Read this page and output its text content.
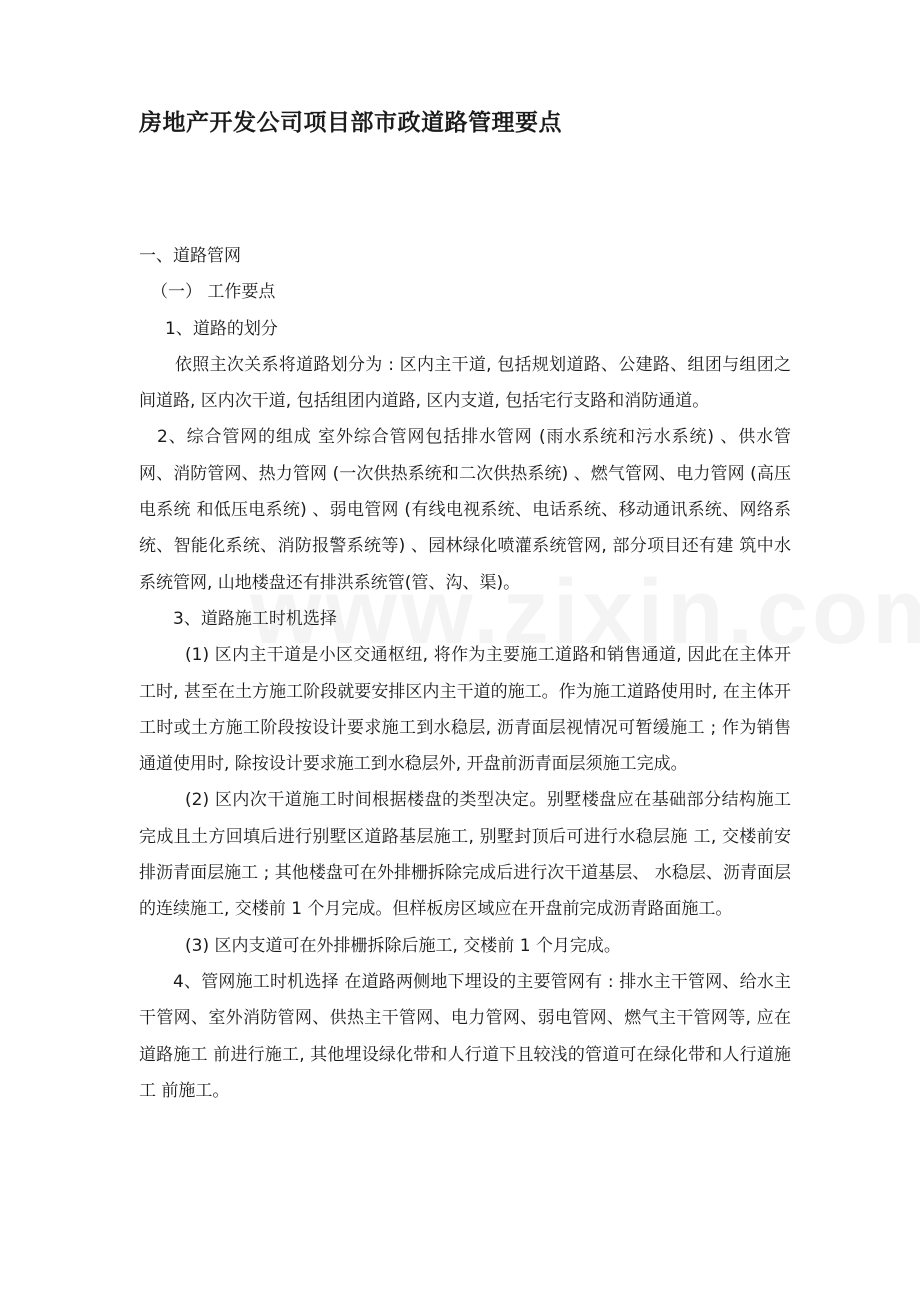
房地产开发公司项目部市政道路管理要点

一、道路管网

（一） 工作要点

1、道路的划分

依照主次关系将道路划分为 : 区内主干道, 包括规划道路、公建路、组团与组团之间道路, 区内次干道, 包括组团内道路, 区内支道, 包括宅行支路和消防通道。

2、综合管网的组成 室外综合管网包括排水管网 (雨水系统和污水系统) 、供水管网、消防管网、热力管网 (一次供热系统和二次供热系统) 、燃气管网、电力管网 (高压电系统 和低压电系统) 、弱电管网 (有线电视系统、电话系统、移动通讯系统、网络系 统、智能化系统、消防报警系统等) 、园林绿化喷灌系统管网, 部分项目还有建 筑中水系统管网, 山地楼盘还有排洪系统管(管、沟、渠)。

3、道路施工时机选择

(1) 区内主干道是小区交通枢纽, 将作为主要施工道路和销售通道, 因此在主体开工时, 甚至在土方施工阶段就要安排区内主干道的施工。作为施工道路使用时, 在主体开工时或土方施工阶段按设计要求施工到水稳层, 沥青面层视情况可暂缓施工 ; 作为销售通道使用时, 除按设计要求施工到水稳层外, 开盘前沥青面层须施工完成。

(2) 区内次干道施工时间根据楼盘的类型决定。别墅楼盘应在基础部分结构施工完成且土方回填后进行别墅区道路基层施工, 别墅封顶后可进行水稳层施 工, 交楼前安排沥青面层施工 ; 其他楼盘可在外排栅拆除完成后进行次干道基层、 水稳层、沥青面层的连续施工, 交楼前 1 个月完成。但样板房区域应在开盘前完成沥青路面施工。

(3) 区内支道可在外排栅拆除后施工, 交楼前 1 个月完成。

4、管网施工时机选择 在道路两侧地下埋设的主要管网有 : 排水主干管网、给水主干管网、室外消防管网、供热主干管网、电力管网、弱电管网、燃气主干管网等, 应在道路施工 前进行施工, 其他埋设绿化带和人行道下且较浅的管道可在绿化带和人行道施工 前施工。
